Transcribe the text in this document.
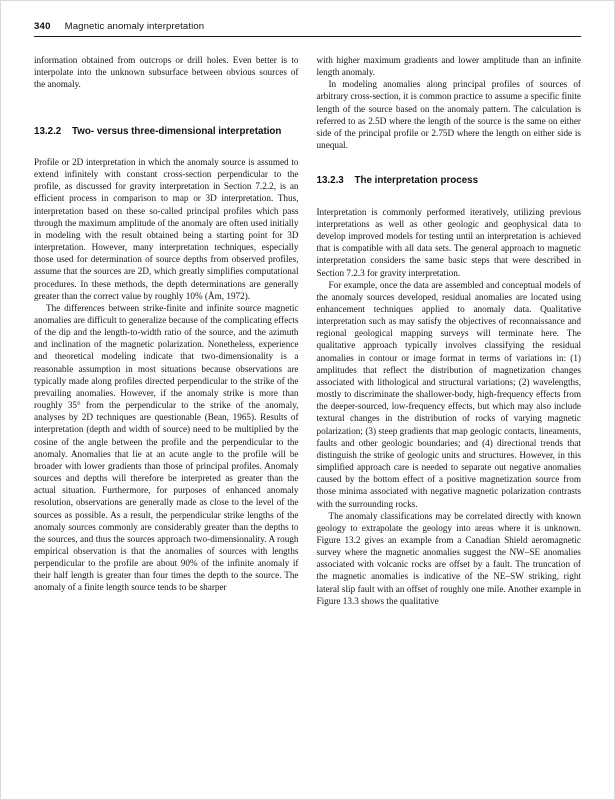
340 Magnetic anomaly interpretation

information obtained from outcrops or drill holes. Even better is to interpolate into the unknown subsurface between obvious sources of the anomaly.

13.2.2	Two- versus three-dimensional interpretation

Profile or 2D interpretation in which the anomaly source is assumed to extend infinitely with constant cross-section perpendicular to the profile, as discussed for gravity interpretation in Section 7.2.2, is an efficient process in comparison to map or 3D interpretation. Thus, interpretation based on these so-called principal profiles which pass through the maximum amplitude of the anomaly are often used initially in modeling with the result obtained being a starting point for 3D interpretation. However, many interpretation techniques, especially those used for determination of source depths from observed profiles, assume that the sources are 2D, which greatly simplifies computational procedures. In these methods, the depth determinations are generally greater than the correct value by roughly 10% (Åm, 1972).

The differences between strike-finite and infinite source magnetic anomalies are difficult to generalize because of the complicating effects of the dip and the length-to-width ratio of the source, and the azimuth and inclination of the magnetic polarization. Nonetheless, experience and theoretical modeling indicate that two-dimensionality is a reasonable assumption in most situations because observations are typically made along profiles directed perpendicular to the strike of the prevailing anomalies. However, if the anomaly strike is more than roughly 35° from the perpendicular to the strike of the anomaly, analyses by 2D techniques are questionable (Bean, 1965). Results of interpretation (depth and width of source) need to be multiplied by the cosine of the angle between the profile and the perpendicular to the anomaly. Anomalies that lie at an acute angle to the profile will be broader with lower gradients than those of principal profiles. Anomaly sources and depths will therefore be interpreted as greater than the actual situation. Furthermore, for purposes of enhanced anomaly resolution, observations are generally made as close to the level of the sources as possible. As a result, the perpendicular strike lengths of the anomaly sources commonly are considerably greater than the depths to the sources, and thus the sources approach two-dimensionality. A rough empirical observation is that the anomalies of sources with lengths perpendicular to the profile are about 90% of the infinite anomaly if their half length is greater than four times the depth to the source. The anomaly of a finite length source tends to be sharper

with higher maximum gradients and lower amplitude than an infinite length anomaly.

In modeling anomalies along principal profiles of sources of arbitrary cross-section, it is common practice to assume a specific finite length of the source based on the anomaly pattern. The calculation is referred to as 2.5D where the length of the source is the same on either side of the principal profile or 2.75D where the length on either side is unequal.

13.2.3	The interpretation process

Interpretation is commonly performed iteratively, utilizing previous interpretations as well as other geologic and geophysical data to develop improved models for testing until an interpretation is achieved that is compatible with all data sets. The general approach to magnetic interpretation considers the same basic steps that were described in Section 7.2.3 for gravity interpretation.

For example, once the data are assembled and conceptual models of the anomaly sources developed, residual anomalies are located using enhancement techniques applied to anomaly data. Qualitative interpretation such as may satisfy the objectives of reconnaissance and regional geological mapping surveys will terminate here. The qualitative approach typically involves classifying the residual anomalies in contour or image format in terms of variations in: (1) amplitudes that reflect the distribution of magnetization changes associated with lithological and structural variations; (2) wavelengths, mostly to discriminate the shallower-body, high-frequency effects from the deeper-sourced, low-frequency effects, but which may also include textural changes in the distribution of rocks of varying magnetic polarization; (3) steep gradients that map geologic contacts, lineaments, faults and other geologic boundaries; and (4) directional trends that distinguish the strike of geologic units and structures. However, in this simplified approach care is needed to separate out negative anomalies caused by the bottom effect of a positive magnetization source from those minima associated with negative magnetic polarization contrasts with the surrounding rocks.

The anomaly classifications may be correlated directly with known geology to extrapolate the geology into areas where it is unknown. Figure 13.2 gives an example from a Canadian Shield aeromagnetic survey where the magnetic anomalies suggest the NW–SE anomalies associated with volcanic rocks are offset by a fault. The truncation of the magnetic anomalies is indicative of the NE–SW striking, right lateral slip fault with an offset of roughly one mile. Another example in Figure 13.3 shows the qualitative
